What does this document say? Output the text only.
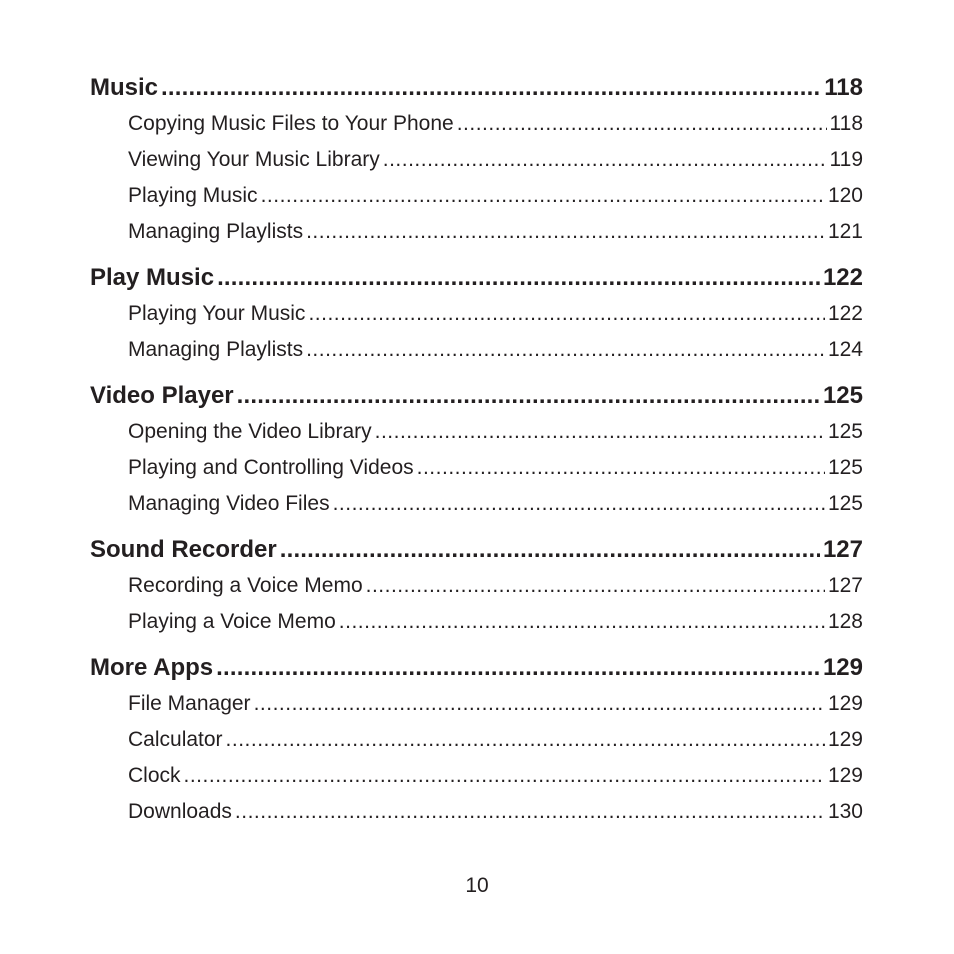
Music .....	118
Copying Music Files to Your Phone .....	118
Viewing Your Music Library .....	119
Playing Music .....	120
Managing Playlists .....	121
Play Music .....	122
Playing Your Music .....	122
Managing Playlists .....	124
Video Player .....	125
Opening the Video Library .....	125
Playing and Controlling Videos .....	125
Managing Video Files .....	125
Sound Recorder .....	127
Recording a Voice Memo .....	127
Playing a Voice Memo .....	128
More Apps .....	129
File Manager .....	129
Calculator .....	129
Clock .....	129
Downloads .....	130
10
